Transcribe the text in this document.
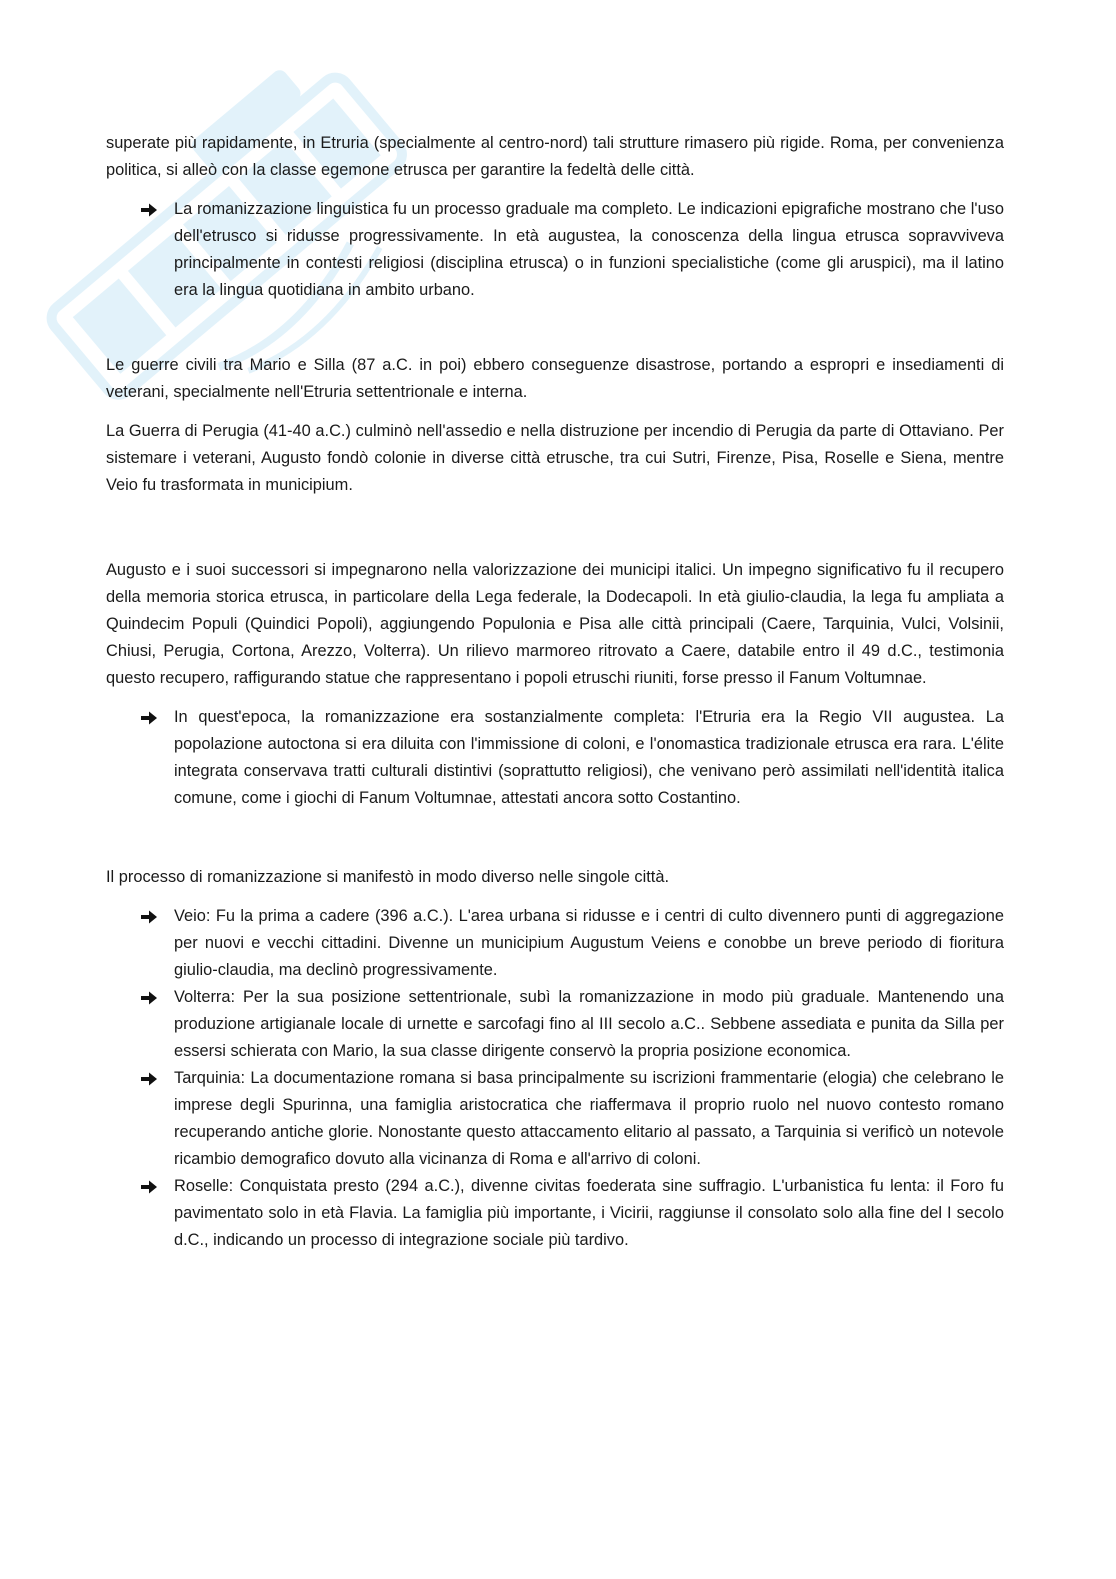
superate più rapidamente, in Etruria (specialmente al centro-nord) tali strutture rimasero più rigide. Roma, per convenienza politica, si alleò con la classe egemone etrusca per garantire la fedeltà delle città.

La romanizzazione linguistica fu un processo graduale ma completo. Le indicazioni epigrafiche mostrano che l'uso dell'etrusco si ridusse progressivamente. In età augustea, la conoscenza della lingua etrusca sopravviveva principalmente in contesti religiosi (disciplina etrusca) o in funzioni specialistiche (come gli aruspici), ma il latino era la lingua quotidiana in ambito urbano.

Le guerre civili tra Mario e Silla (87 a.C. in poi) ebbero conseguenze disastrose, portando a espropri e insediamenti di veterani, specialmente nell'Etruria settentrionale e interna.

La Guerra di Perugia (41-40 a.C.) culminò nell'assedio e nella distruzione per incendio di Perugia da parte di Ottaviano. Per sistemare i veterani, Augusto fondò colonie in diverse città etrusche, tra cui Sutri, Firenze, Pisa, Roselle e Siena, mentre Veio fu trasformata in municipium.

Augusto e i suoi successori si impegnarono nella valorizzazione dei municipi italici. Un impegno significativo fu il recupero della memoria storica etrusca, in particolare della Lega federale, la Dodecapoli. In età giulio-claudia, la lega fu ampliata a Quindecim Populi (Quindici Popoli), aggiungendo Populonia e Pisa alle città principali (Caere, Tarquinia, Vulci, Volsinii, Chiusi, Perugia, Cortona, Arezzo, Volterra). Un rilievo marmoreo ritrovato a Caere, databile entro il 49 d.C., testimonia questo recupero, raffigurando statue che rappresentano i popoli etruschi riuniti, forse presso il Fanum Voltumnae.

In quest'epoca, la romanizzazione era sostanzialmente completa: l'Etruria era la Regio VII augustea. La popolazione autoctona si era diluita con l'immissione di coloni, e l'onomastica tradizionale etrusca era rara. L'élite integrata conservava tratti culturali distintivi (soprattutto religiosi), che venivano però assimilati nell'identità italica comune, come i giochi di Fanum Voltumnae, attestati ancora sotto Costantino.

Il processo di romanizzazione si manifestò in modo diverso nelle singole città.

Veio: Fu la prima a cadere (396 a.C.). L'area urbana si ridusse e i centri di culto divennero punti di aggregazione per nuovi e vecchi cittadini. Divenne un municipium Augustum Veiens e conobbe un breve periodo di fioritura giulio-claudia, ma declinò progressivamente.
Volterra: Per la sua posizione settentrionale, subì la romanizzazione in modo più graduale. Mantenendo una produzione artigianale locale di urnette e sarcofagi fino al III secolo a.C.. Sebbene assediata e punita da Silla per essersi schierata con Mario, la sua classe dirigente conservò la propria posizione economica.
Tarquinia: La documentazione romana si basa principalmente su iscrizioni frammentarie (elogia) che celebrano le imprese degli Spurinna, una famiglia aristocratica che riaffermava il proprio ruolo nel nuovo contesto romano recuperando antiche glorie. Nonostante questo attaccamento elitario al passato, a Tarquinia si verificò un notevole ricambio demografico dovuto alla vicinanza di Roma e all'arrivo di coloni.
Roselle: Conquistata presto (294 a.C.), divenne civitas foederata sine suffragio. L'urbanistica fu lenta: il Foro fu pavimentato solo in età Flavia. La famiglia più importante, i Vicirii, raggiunse il consolato solo alla fine del I secolo d.C., indicando un processo di integrazione sociale più tardivo.
